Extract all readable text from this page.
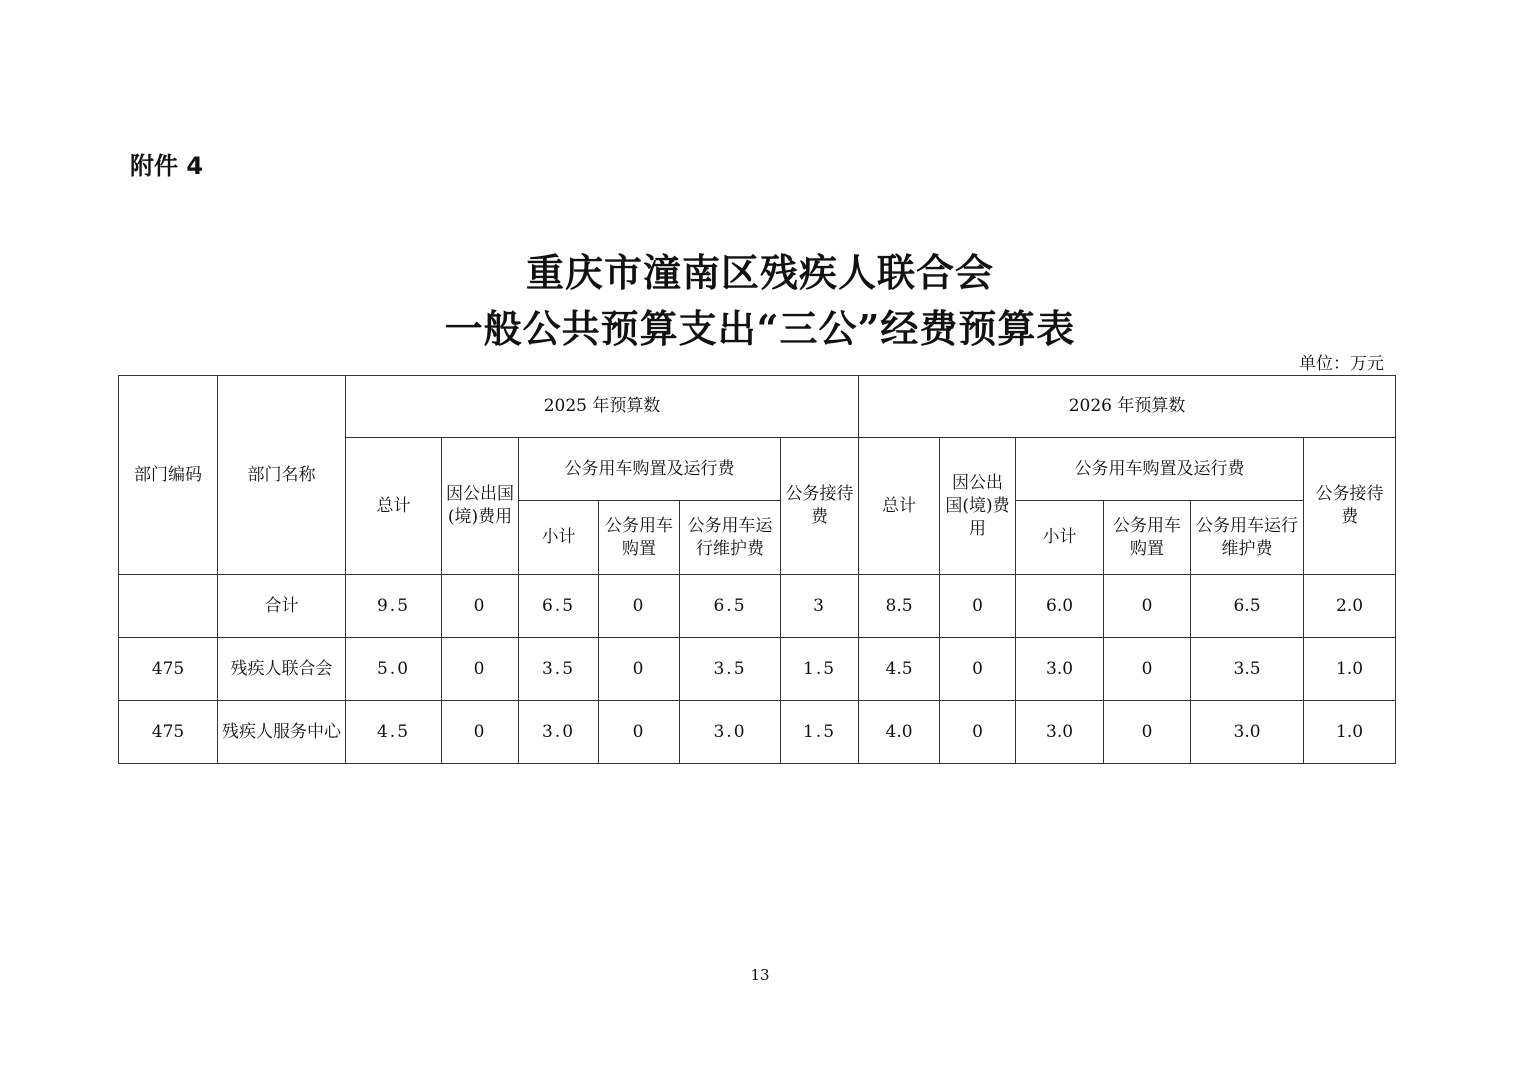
附件 4
重庆市潼南区残疾人联合会
一般公共预算支出“三公”经费预算表
单位：万元
部门编码	部门名称	2025 年预算数						2026 年预算数					
		总计	因公出国(境)费用	公务用车购置及运行费			公务接待费	总计	因公出国(境)费用	公务用车购置及运行费			公务接待费
				小计	公务用车购置	公务用车运行维护费				小计	公务用车购置	公务用车运行维护费	
	合计	9.5	0	6.5	0	6.5	3	8.5	0	6.0	0	6.5	2.0
475	残疾人联合会	5.0	0	3.5	0	3.5	1.5	4.5	0	3.0	0	3.5	1.0
475	残疾人服务中心	4.5	0	3.0	0	3.0	1.5	4.0	0	3.0	0	3.0	1.0
13
